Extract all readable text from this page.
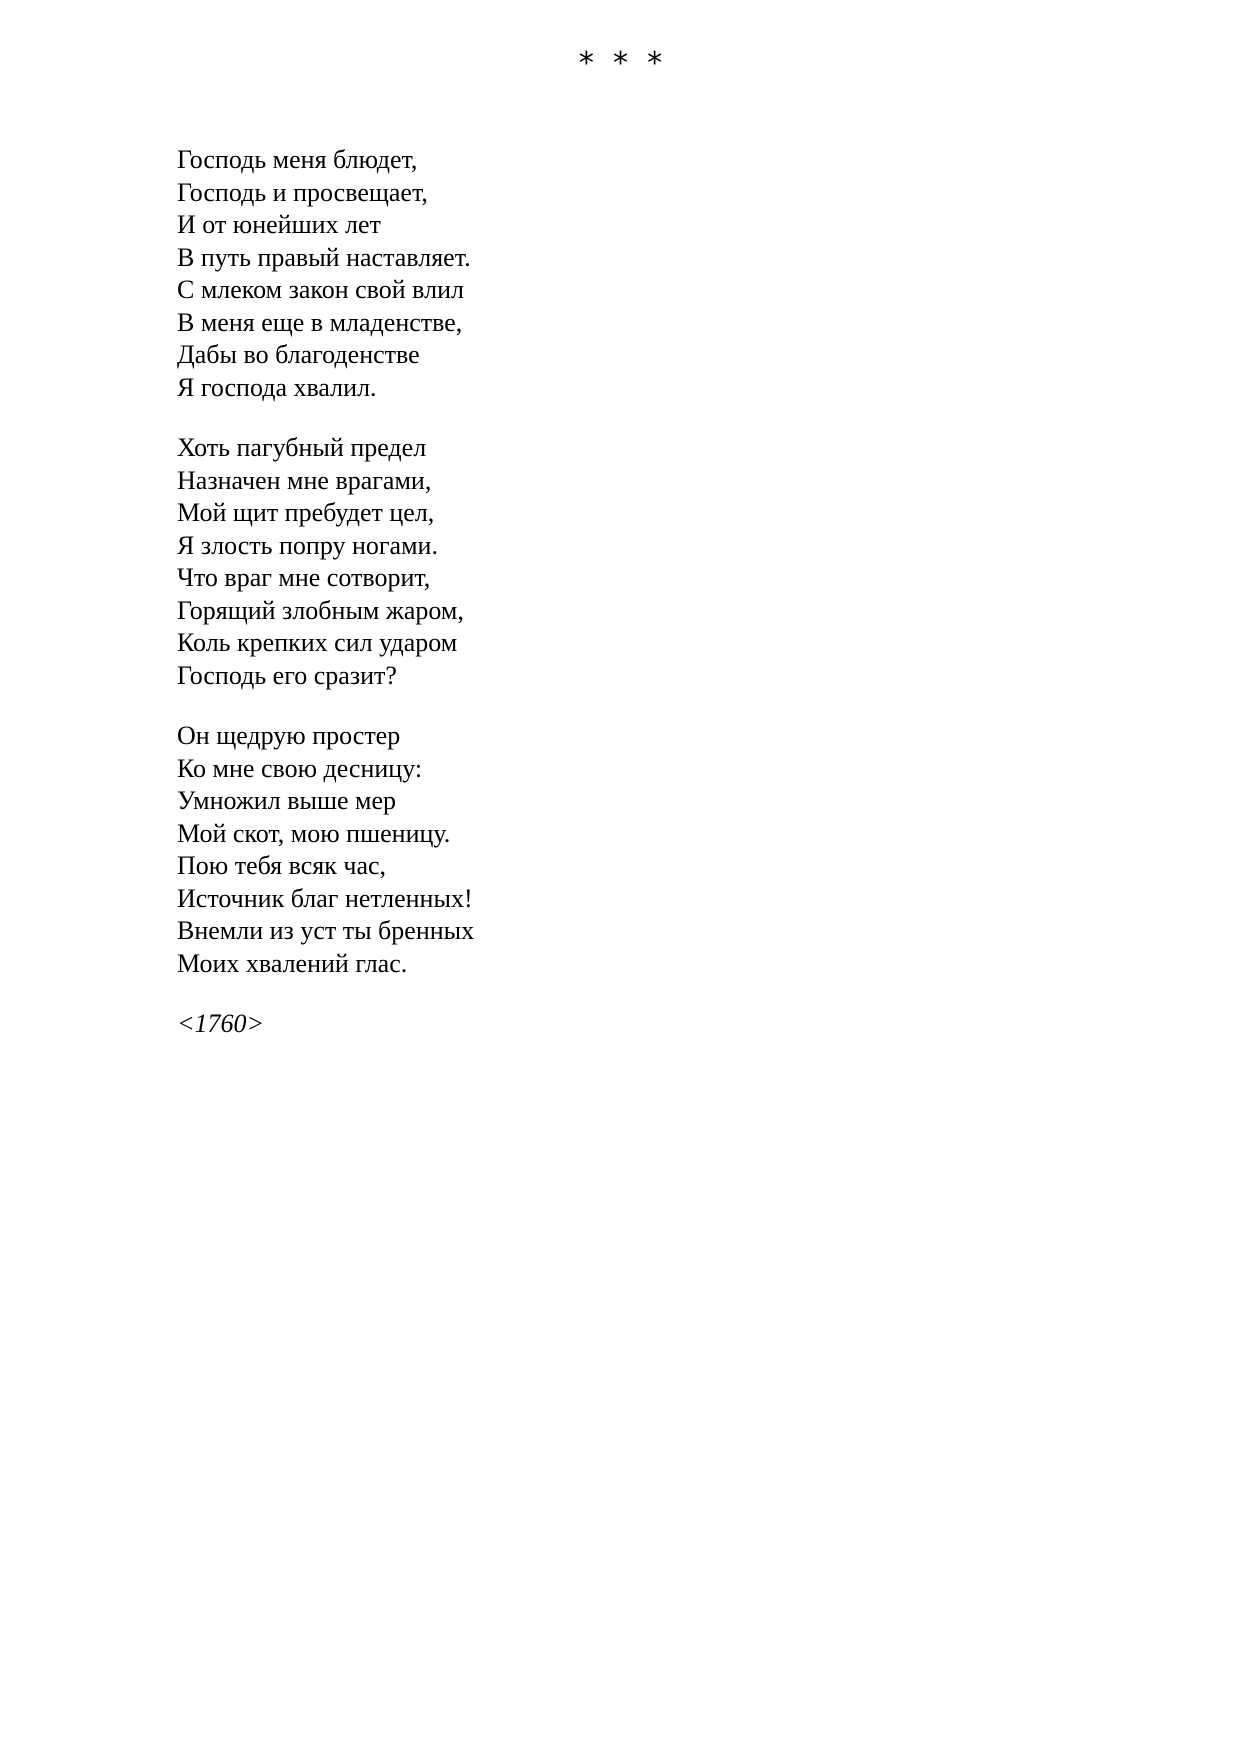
*  *  *
Господь меня блюдет,
Господь и просвещает,
И от юнейших лет
В путь правый наставляет.
С млеком закон свой влил
В меня еще в младенстве,
Дабы во благоденстве
Я господа хвалил.
Хоть пагубный предел
Назначен мне врагами,
Мой щит пребудет цел,
Я злость попру ногами.
Что враг мне сотворит,
Горящий злобным жаром,
Коль крепких сил ударом
Господь его сразит?
Он щедрую простер
Ко мне свою десницу:
Умножил выше мер
Мой скот, мою пшеницу.
Пою тебя всяк час,
Источник благ нетленных!
Внемли из уст ты бренных
Моих хвалений глас.
<1760>
